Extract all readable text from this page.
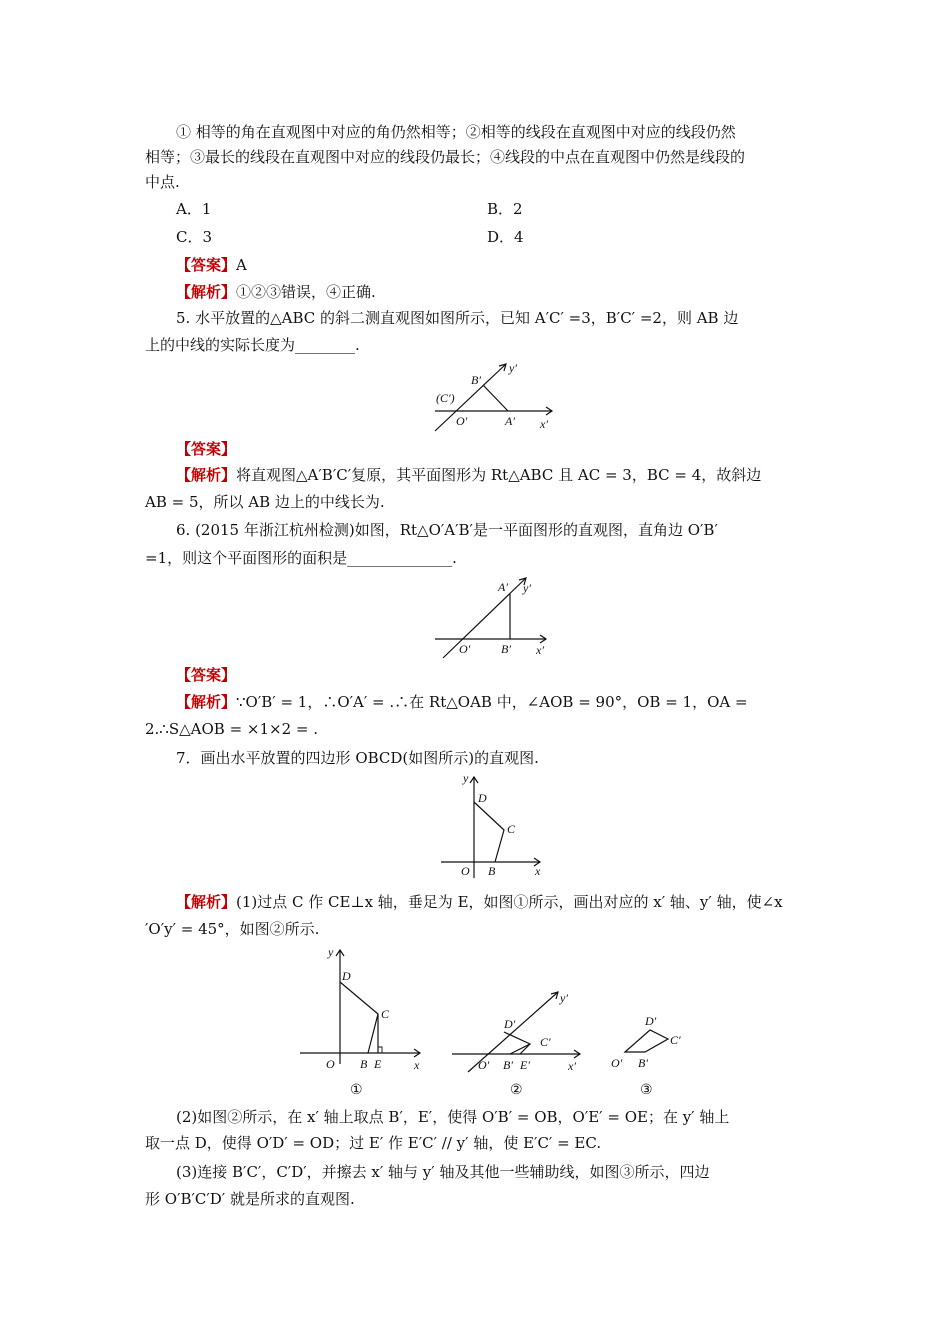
① 相等的角在直观图中对应的角仍然相等；②相等的线段在直观图中对应的线段仍然
相等；③最长的线段在直观图中对应的线段仍最长；④线段的中点在直观图中仍然是线段的
中点.
A．1	B．2
C．3	D．4
【答案】A
【解析】①②③错误，④正确.
5. 水平放置的△ABC 的斜二测直观图如图所示，已知 A′C′ =3，B′C′ =2，则 AB 边
上的中线的实际长度为________.
y′
B′
(C′)
O′	A′ x′
【答案】
【解析】将直观图△A′B′C′复原，其平面图形为 Rt△ABC 且 AC = 3，BC = 4，故斜边
AB = 5，所以 AB 边上的中线长为.
6. (2015 年浙江杭州检测)如图，Rt△O′A′B′是一平面图形的直观图，直角边 O′B′
=1，则这个平面图形的面积是______________.
A′ y′
O′	B′ x′
【答案】
【解析】∵O′B′ = 1，∴O′A′ = .∴在 Rt△OAB 中，∠AOB = 90°，OB = 1，OA =
2.∴S△AOB = ×1×2 = .
7．画出水平放置的四边形 OBCD(如图所示)的直观图.
y
D
C
O B	x
【解析】(1)过点 C 作 CE⊥x 轴，垂足为 E，如图①所示，画出对应的 x′ 轴、y′ 轴，使∠x
′O′y′ = 45°，如图②所示.
y
D
C
O B E	x
①
y′
D′
C′
O′ B′ E′	x′
②
D′
C′
O′ B′
③
(2)如图②所示，在 x′ 轴上取点 B′，E′，使得 O′B′ = OB，O′E′ = OE；在 y′ 轴上
取一点 D，使得 O′D′ = OD；过 E′ 作 E′C′ // y′ 轴，使 E′C′ = EC.
(3)连接 B′C′，C′D′，并擦去 x′ 轴与 y′ 轴及其他一些辅助线，如图③所示，四边
形 O′B′C′D′ 就是所求的直观图.
